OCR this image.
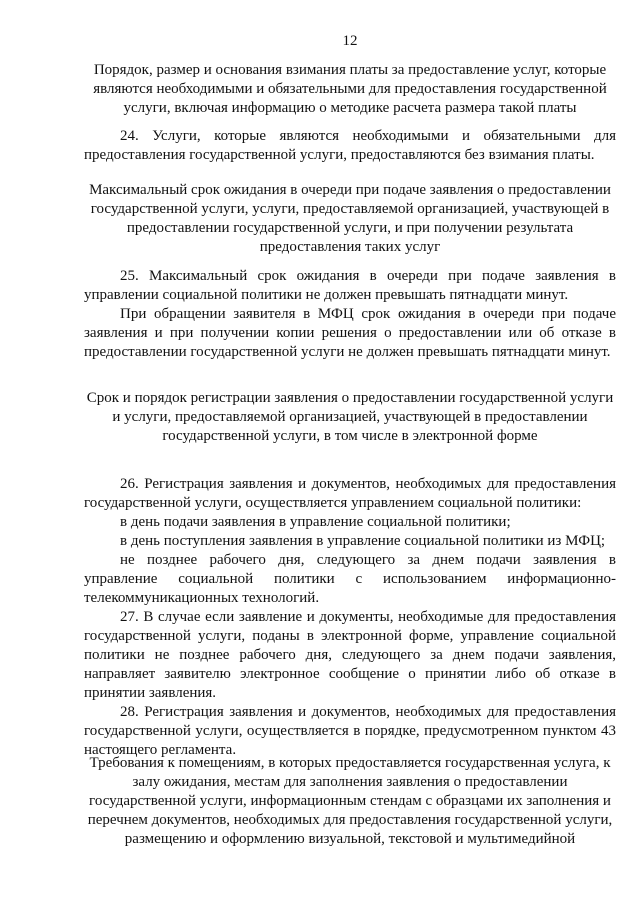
12

Порядок, размер и основания взимания платы за предоставление услуг, которые являются необходимыми и обязательными для предоставления государственной услуги, включая информацию о методике расчета размера такой платы

24. Услуги, которые являются необходимыми и обязательными для предоставления государственной услуги, предоставляются без взимания платы.

Максимальный срок ожидания в очереди при подаче заявления о предоставлении государственной услуги, услуги, предоставляемой организацией, участвующей в предоставлении государственной услуги, и при получении результата предоставления таких услуг

25. Максимальный срок ожидания в очереди при подаче заявления в управлении социальной политики не должен превышать пятнадцати минут.

При обращении заявителя в МФЦ срок ожидания в очереди при подаче заявления и при получении копии решения о предоставлении или об отказе в предоставлении государственной услуги не должен превышать пятнадцати минут.

Срок и порядок регистрации заявления о предоставлении государственной услуги и услуги, предоставляемой организацией, участвующей в предоставлении государственной услуги, в том числе в электронной форме

26. Регистрация заявления и документов, необходимых для предоставления государственной услуги, осуществляется управлением социальной политики:

в день подачи заявления в управление социальной политики;

в день поступления заявления в управление социальной политики из МФЦ;

не позднее рабочего дня, следующего за днем подачи заявления в управление социальной политики с использованием информационно-телекоммуникационных технологий.

27. В случае если заявление и документы, необходимые для предоставления государственной услуги, поданы в электронной форме, управление социальной политики не позднее рабочего дня, следующего за днем подачи заявления, направляет заявителю электронное сообщение о принятии либо об отказе в принятии заявления.

28. Регистрация заявления и документов, необходимых для предоставления государственной услуги, осуществляется в порядке, предусмотренном пунктом 43 настоящего регламента.

Требования к помещениям, в которых предоставляется государственная услуга, к залу ожидания, местам для заполнения заявления о предоставлении государственной услуги, информационным стендам с образцами их заполнения и перечнем документов, необходимых для предоставления государственной услуги, размещению и оформлению визуальной, текстовой и мультимедийной
